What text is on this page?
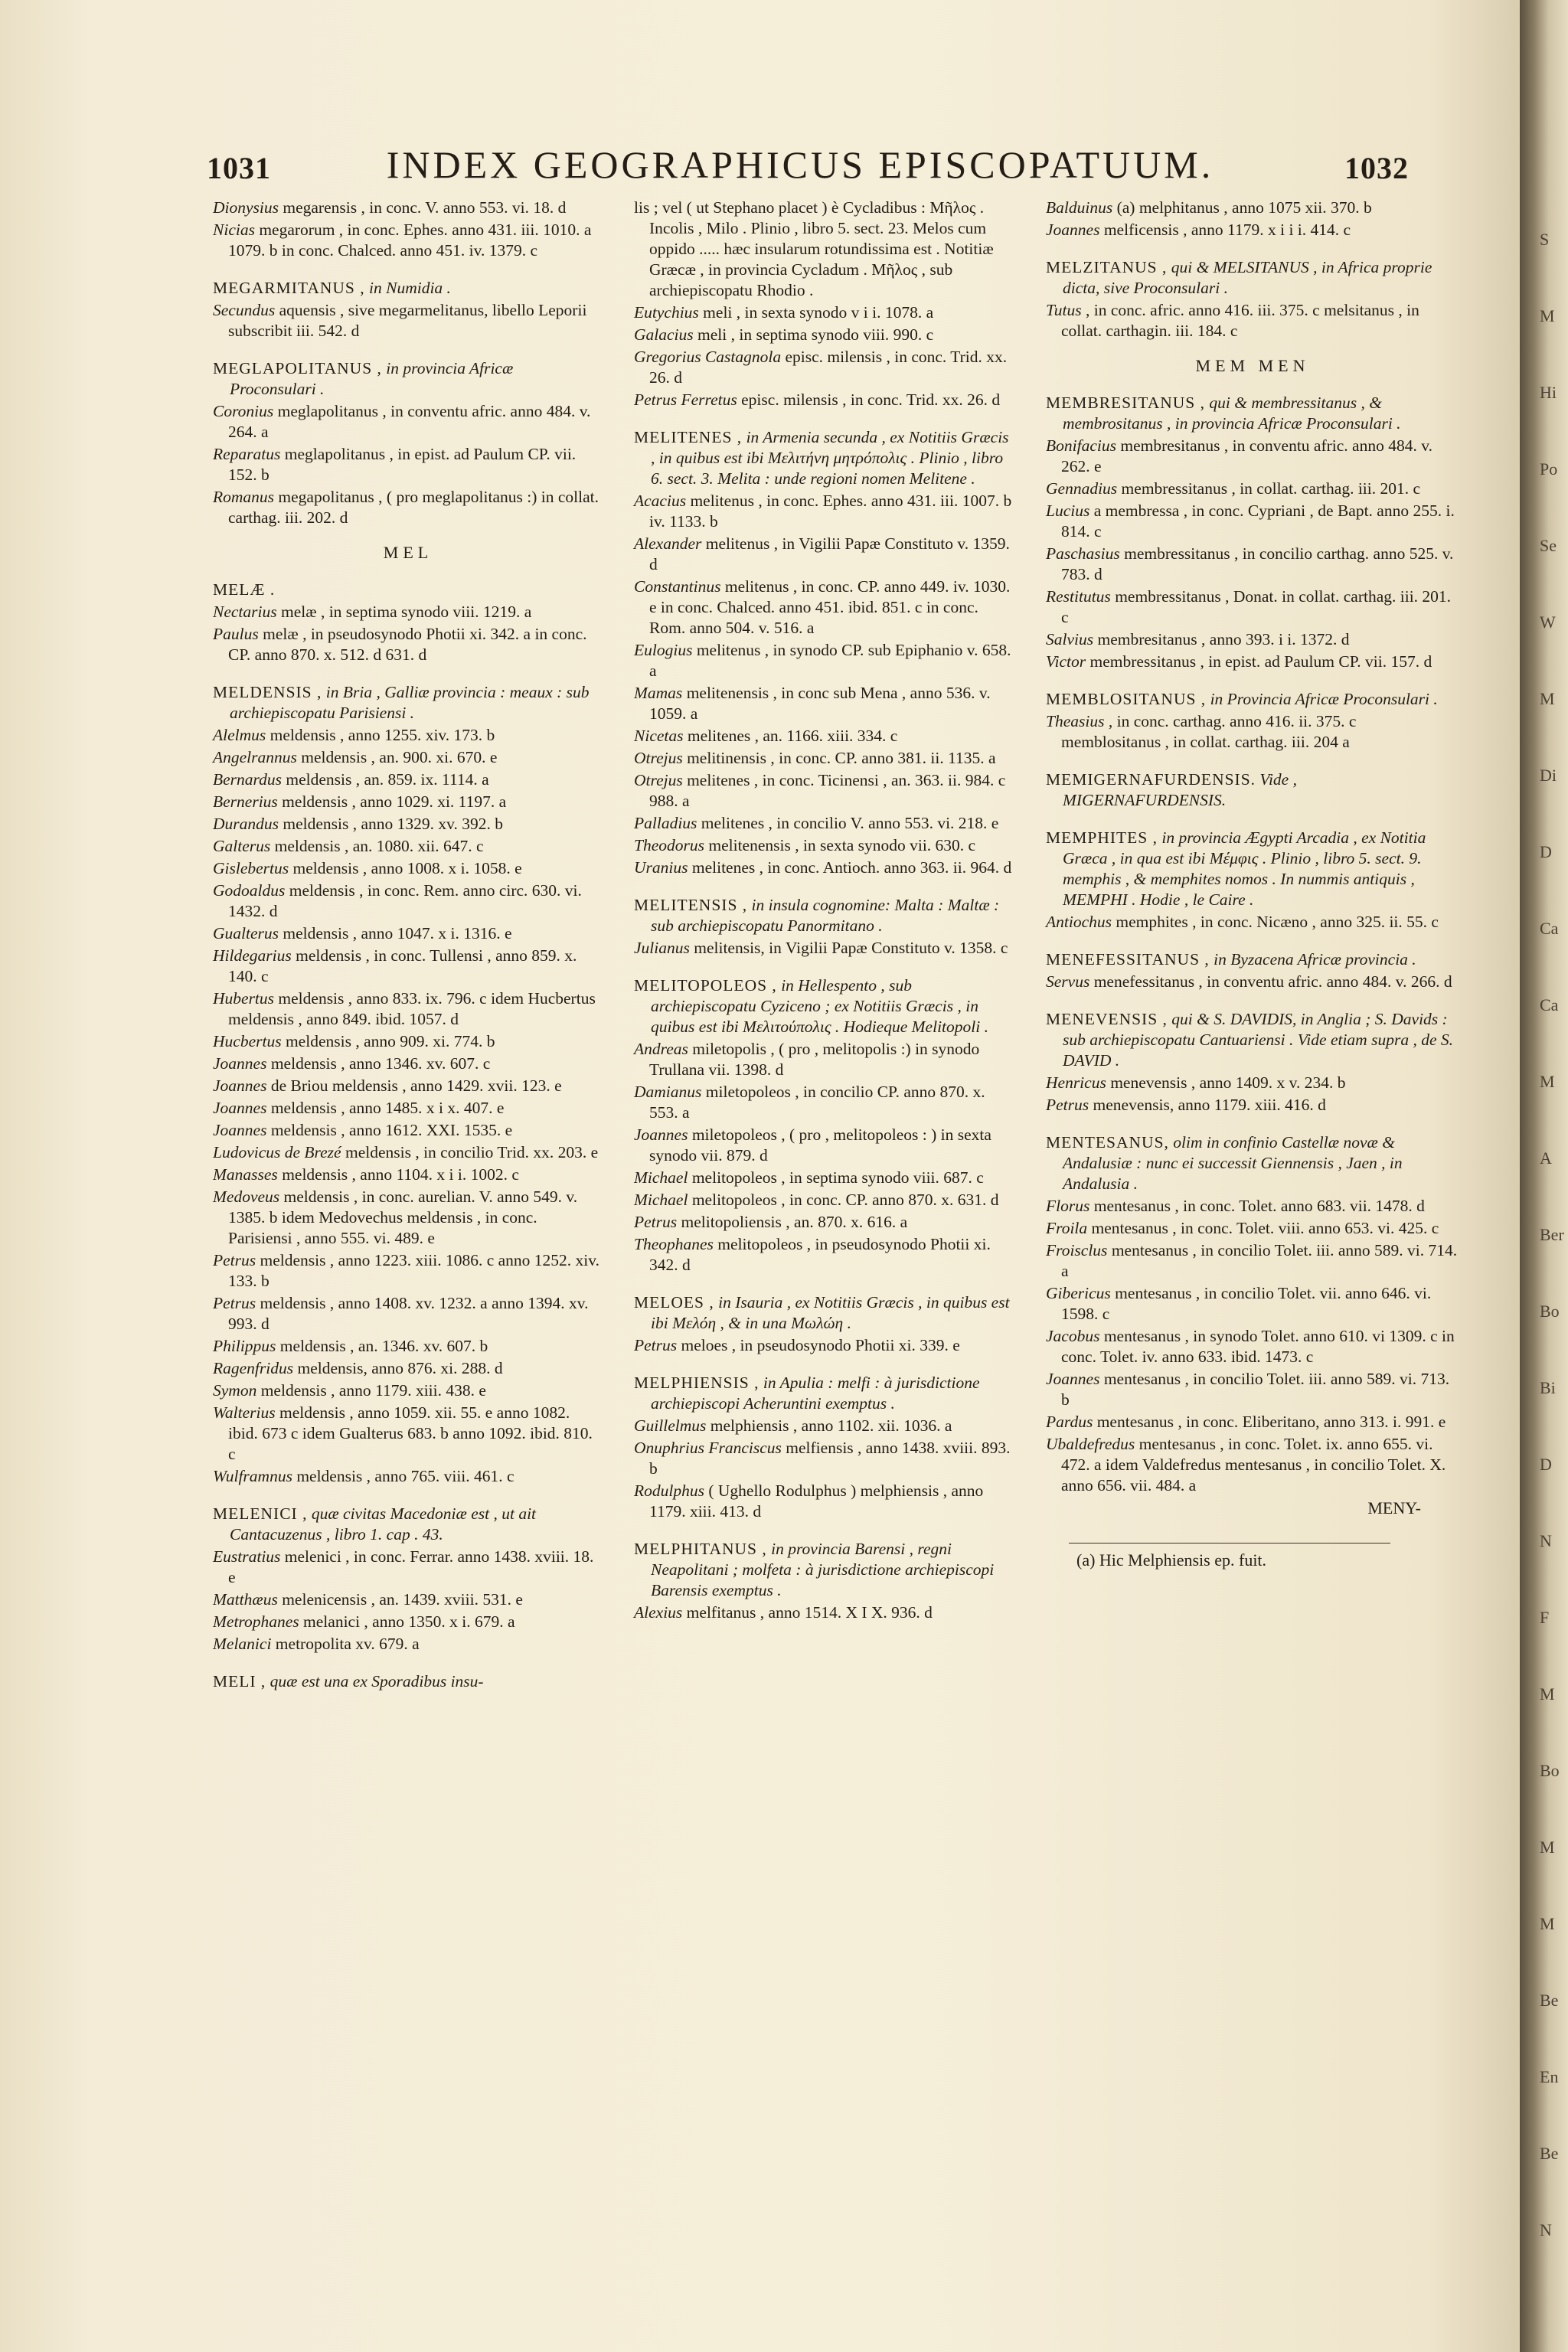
1031	INDEX GEOGRAPHICUS EPISCOPATUUM.	1032
Dionysius megarensis , in conc. V. anno 553. vi. 18. d
Nicias megarorum , in conc. Ephes. anno 431. iii. 1010. a 1079. b in conc. Chalced. anno 451. iv. 1379. c
MEGARMITANUS , in Numidia .
Secundus aquensis , sive megarmelitanus, libello Leporii subscribit iii. 542. d
MEGLAPOLITANUS , in provincia Africæ Proconsulari .
Coronius meglapolitanus , in conventu afric. anno 484. v. 264. a
Reparatus meglapolitanus , in epist. ad Paulum CP. vii. 152. b
Romanus megapolitanus , ( pro meglapolitanus :) in collat. carthag. iii. 202. d
MEL
MELÆ .
Nectarius melæ , in septima synodo viii. 1219. a
Paulus melæ , in pseudosynodo Photii xi. 342. a in conc. CP. anno 870. x. 512. d 631. d
MELDENSIS , in Bria , Galliæ provincia : meaux : sub archiepiscopatu Parisiensi .
Alelmus meldensis , anno 1255. xiv. 173. b
Angelrannus meldensis , an. 900. xi. 670. e
Bernardus meldensis , an. 859. ix. 1114. a
Bernerius meldensis , anno 1029. xi. 1197. a
Durandus meldensis , anno 1329. xv. 392. b
Galterus meldensis , an. 1080. xii. 647. c
Gislebertus meldensis , anno 1008. x i. 1058. e
Godoaldus meldensis , in conc. Rem. anno circ. 630. vi. 1432. d
Gualterus meldensis , anno 1047. x i. 1316. e
Hildegarius meldensis , in conc. Tullensi , anno 859. x. 140. c
Hubertus meldensis , anno 833. ix. 796. c idem Hucbertus meldensis , anno 849. ibid. 1057. d
Hucbertus meldensis , anno 909. xi. 774. b
Joannes meldensis , anno 1346. xv. 607. c
Joannes de Briou meldensis , anno 1429. xvii. 123. e
Joannes meldensis , anno 1485. x i x. 407. e
Joannes meldensis , anno 1612. XXI. 1535. e
Ludovicus de Brezé meldensis , in concilio Trid. xx. 203. e
Manasses meldensis , anno 1104. x i i. 1002. c
Medoveus meldensis , in conc. aurelian. V. anno 549. v. 1385. b idem Medovechus meldensis , in conc. Parisiensi , anno 555. vi. 489. e
Petrus meldensis , anno 1223. xiii. 1086. c anno 1252. xiv. 133. b
Petrus meldensis , anno 1408. xv. 1232. a anno 1394. xv. 993. d
Philippus meldensis , an. 1346. xv. 607. b
Ragenfridus meldensis, anno 876. xi. 288. d
Symon meldensis , anno 1179. xiii. 438. e
Walterius meldensis , anno 1059. xii. 55. e anno 1082. ibid. 673 c idem Gualterus 683. b anno 1092. ibid. 810. c
Wulframnus meldensis , anno 765. viii. 461. c
MELENICI , quæ civitas Macedoniæ est , ut ait Cantacuzenus , libro 1. cap . 43.
Eustratius melenici , in conc. Ferrar. anno 1438. xviii. 18. e
Matthæus melenicensis , an. 1439. xviii. 531. e
Metrophanes melanici , anno 1350. x i. 679. a
Melanici metropolita xv. 679. a
MELI , quæ est una ex Sporadibus insu-
lis ; vel ( ut Stephano placet ) è Cycladibus : Μῆλος . Incolis , Milo . Plinio , libro 5. sect. 23. Melos cum oppido ..... hæc insularum rotundissima est . Notitiæ Græcæ , in provincia Cycladum . Μῆλος , sub archiepiscopatu Rhodio .
Eutychius meli , in sexta synodo v i i. 1078. a
Galacius meli , in septima synodo viii. 990. c
Gregorius Castagnola episc. milensis , in conc. Trid. xx. 26. d
Petrus Ferretus episc. milensis , in conc. Trid. xx. 26. d
MELITENES , in Armenia secunda , ex Notitiis Græcis , in quibus est ibi Μελιτήνη μητρόπολις . Plinio , libro 6. sect. 3. Melita : unde regioni nomen Melitene .
Acacius melitenus , in conc. Ephes. anno 431. iii. 1007. b iv. 1133. b
Alexander melitenus , in Vigilii Papæ Constituto v. 1359. d
Constantinus melitenus , in conc. CP. anno 449. iv. 1030. e in conc. Chalced. anno 451. ibid. 851. c in conc. Rom. anno 504. v. 516. a
Eulogius melitenus , in synodo CP. sub Epiphanio v. 658. a
Mamas melitenensis , in conc sub Mena , anno 536. v. 1059. a
Nicetas melitenes , an. 1166. xiii. 334. c
Otrejus melitinensis , in conc. CP. anno 381. ii. 1135. a
Otrejus melitenes , in conc. Ticinensi , an. 363. ii. 984. c 988. a
Palladius melitenes , in concilio V. anno 553. vi. 218. e
Theodorus melitenensis , in sexta synodo vii. 630. c
Uranius melitenes , in conc. Antioch. anno 363. ii. 964. d
MELITENSIS , in insula cognomine: Malta : Maltæ : sub archiepiscopatu Panormitano .
Julianus melitensis, in Vigilii Papæ Constituto v. 1358. c
MELITOPOLEOS , in Hellespento , sub archiepiscopatu Cyziceno ; ex Notitiis Græcis , in quibus est ibi Μελιτούπολις . Hodieque Melitopoli .
Andreas miletopolis , ( pro , melitopolis :) in synodo Trullana vii. 1398. d
Damianus miletopoleos , in concilio CP. anno 870. x. 553. a
Joannes miletopoleos , ( pro , melitopoleos : ) in sexta synodo vii. 879. d
Michael melitopoleos , in septima synodo viii. 687. c
Michael melitopoleos , in conc. CP. anno 870. x. 631. d
Petrus melitopoliensis , an. 870. x. 616. a
Theophanes melitopoleos , in pseudosynodo Photii xi. 342. d
MELOES , in Isauria , ex Notitiis Græcis , in quibus est ibi Μελόη , & in una Μωλώη .
Petrus meloes , in pseudosynodo Photii xi. 339. e
MELPHIENSIS , in Apulia : melfi : à jurisdictione archiepiscopi Acheruntini exemptus .
Guillelmus melphiensis , anno 1102. xii. 1036. a
Onuphrius Franciscus melfiensis , anno 1438. xviii. 893. b
Rodulphus ( Ughello Rodulphus ) melphiensis , anno 1179. xiii. 413. d
MELPHITANUS , in provincia Barensi , regni Neapolitani ; molfeta : à jurisdictione archiepiscopi Barensis exemptus .
Alexius melfitanus , anno 1514. X I X. 936. d
Balduinus (a) melphitanus , anno 1075 xii. 370. b
Joannes melficensis , anno 1179. x i i i. 414. c
MELZITANUS , qui & MELSITANUS , in Africa proprie dicta, sive Proconsulari .
Tutus , in conc. afric. anno 416. iii. 375. c melsitanus , in collat. carthagin. iii. 184. c
MEM MEN
MEMBRESITANUS , qui & membressitanus , & membrositanus , in provincia Africæ Proconsulari .
Bonifacius membresitanus , in conventu afric. anno 484. v. 262. e
Gennadius membressitanus , in collat. carthag. iii. 201. c
Lucius a membressa , in conc. Cypriani , de Bapt. anno 255. i. 814. c
Paschasius membressitanus , in concilio carthag. anno 525. v. 783. d
Restitutus membressitanus , Donat. in collat. carthag. iii. 201. c
Salvius membresitanus , anno 393. i i. 1372. d
Victor membressitanus , in epist. ad Paulum CP. vii. 157. d
MEMBLOSITANUS , in Provincia Africæ Proconsulari .
Theasius , in conc. carthag. anno 416. ii. 375. c memblositanus , in collat. carthag. iii. 204 a
MEMIGERNAFURDENSIS. Vide , MIGERNAFURDENSIS.
MEMPHITES , in provincia Ægypti Arcadia , ex Notitia Græca , in qua est ibi Μέμφις . Plinio , libro 5. sect. 9. memphis , & memphites nomos . In nummis antiquis , MEMPHI . Hodie , le Caire .
Antiochus memphites , in conc. Nicæno , anno 325. ii. 55. c
MENEFESSITANUS , in Byzacena Africæ provincia .
Servus menefessitanus , in conventu afric. anno 484. v. 266. d
MENEVENSIS , qui & S. DAVIDIS, in Anglia ; S. Davids : sub archiepiscopatu Cantuariensi . Vide etiam supra , de S. DAVID .
Henricus menevensis , anno 1409. x v. 234. b
Petrus menevensis, anno 1179. xiii. 416. d
MENTESANUS, olim in confinio Castellæ novæ & Andalusiæ : nunc ei successit Giennensis , Jaen , in Andalusia .
Florus mentesanus , in conc. Tolet. anno 683. vii. 1478. d
Froila mentesanus , in conc. Tolet. viii. anno 653. vi. 425. c
Froisclus mentesanus , in concilio Tolet. iii. anno 589. vi. 714. a
Gibericus mentesanus , in concilio Tolet. vii. anno 646. vi. 1598. c
Jacobus mentesanus , in synodo Tolet. anno 610. vi 1309. c in conc. Tolet. iv. anno 633. ibid. 1473. c
Joannes mentesanus , in concilio Tolet. iii. anno 589. vi. 713. b
Pardus mentesanus , in conc. Eliberitano, anno 313. i. 991. e
Ubaldefredus mentesanus , in conc. Tolet. ix. anno 655. vi. 472. a idem Valdefredus mentesanus , in concilio Tolet. X. anno 656. vii. 484. a
MENY-
(a) Hic Melphiensis ep. fuit.
S
M
Hi
Po
Se
W
M
Di
D
Ca
Ca
M
A
Ber
Bo
Bi
D
N
F
M
Bo
M
M
Be
En
Be
N
